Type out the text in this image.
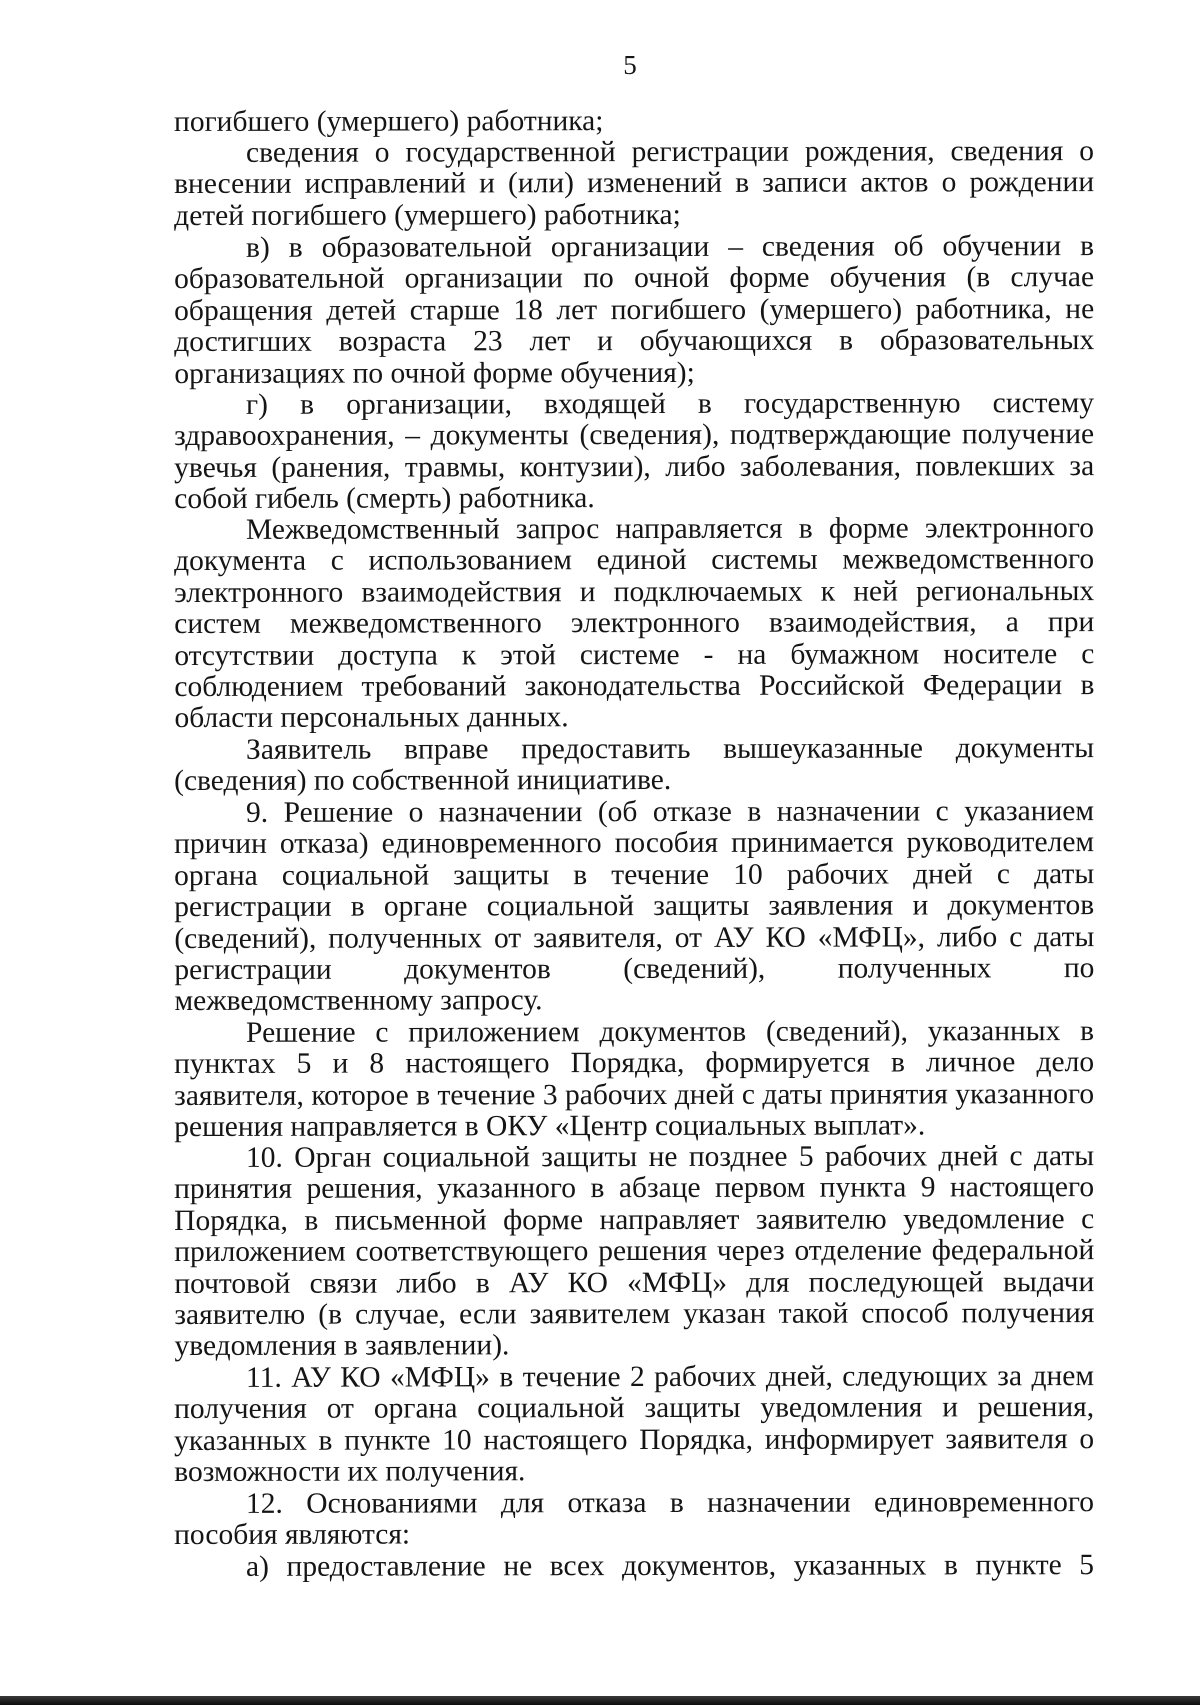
5

погибшего (умершего) работника;

сведения о государственной регистрации рождения, сведения о внесении исправлений и (или) изменений в записи актов о рождении детей погибшего (умершего) работника;

в) в образовательной организации – сведения об обучении в образовательной организации по очной форме обучения (в случае обращения детей старше 18 лет погибшего (умершего) работника, не достигших возраста 23 лет и обучающихся в образовательных организациях по очной форме обучения);

г) в организации, входящей в государственную систему здравоохранения, – документы (сведения), подтверждающие получение увечья (ранения, травмы, контузии), либо заболевания, повлекших за собой гибель (смерть) работника.

Межведомственный запрос направляется в форме электронного документа с использованием единой системы межведомственного электронного взаимодействия и подключаемых к ней региональных систем межведомственного электронного взаимодействия, а при отсутствии доступа к этой системе - на бумажном носителе с соблюдением требований законодательства Российской Федерации в области персональных данных.

Заявитель вправе предоставить вышеуказанные документы (сведения) по собственной инициативе.

9. Решение о назначении (об отказе в назначении с указанием причин отказа) единовременного пособия принимается руководителем органа социальной защиты в течение 10 рабочих дней с даты регистрации в органе социальной защиты заявления и документов (сведений), полученных от заявителя, от АУ КО «МФЦ», либо с даты регистрации документов (сведений), полученных по межведомственному запросу.

Решение с приложением документов (сведений), указанных в пунктах 5 и 8 настоящего Порядка, формируется в личное дело заявителя, которое в течение 3 рабочих дней с даты принятия указанного решения направляется в ОКУ «Центр социальных выплат».

10. Орган социальной защиты не позднее 5 рабочих дней с даты принятия решения, указанного в абзаце первом пункта 9 настоящего Порядка, в письменной форме направляет заявителю уведомление с приложением соответствующего решения через отделение федеральной почтовой связи либо в АУ КО «МФЦ» для последующей выдачи заявителю (в случае, если заявителем указан такой способ получения уведомления в заявлении).

11. АУ КО «МФЦ» в течение 2 рабочих дней, следующих за днем получения от органа социальной защиты уведомления и решения, указанных в пункте 10 настоящего Порядка, информирует заявителя о возможности их получения.

12. Основаниями для отказа в назначении единовременного пособия являются:

а) предоставление не всех документов, указанных в пункте 5
